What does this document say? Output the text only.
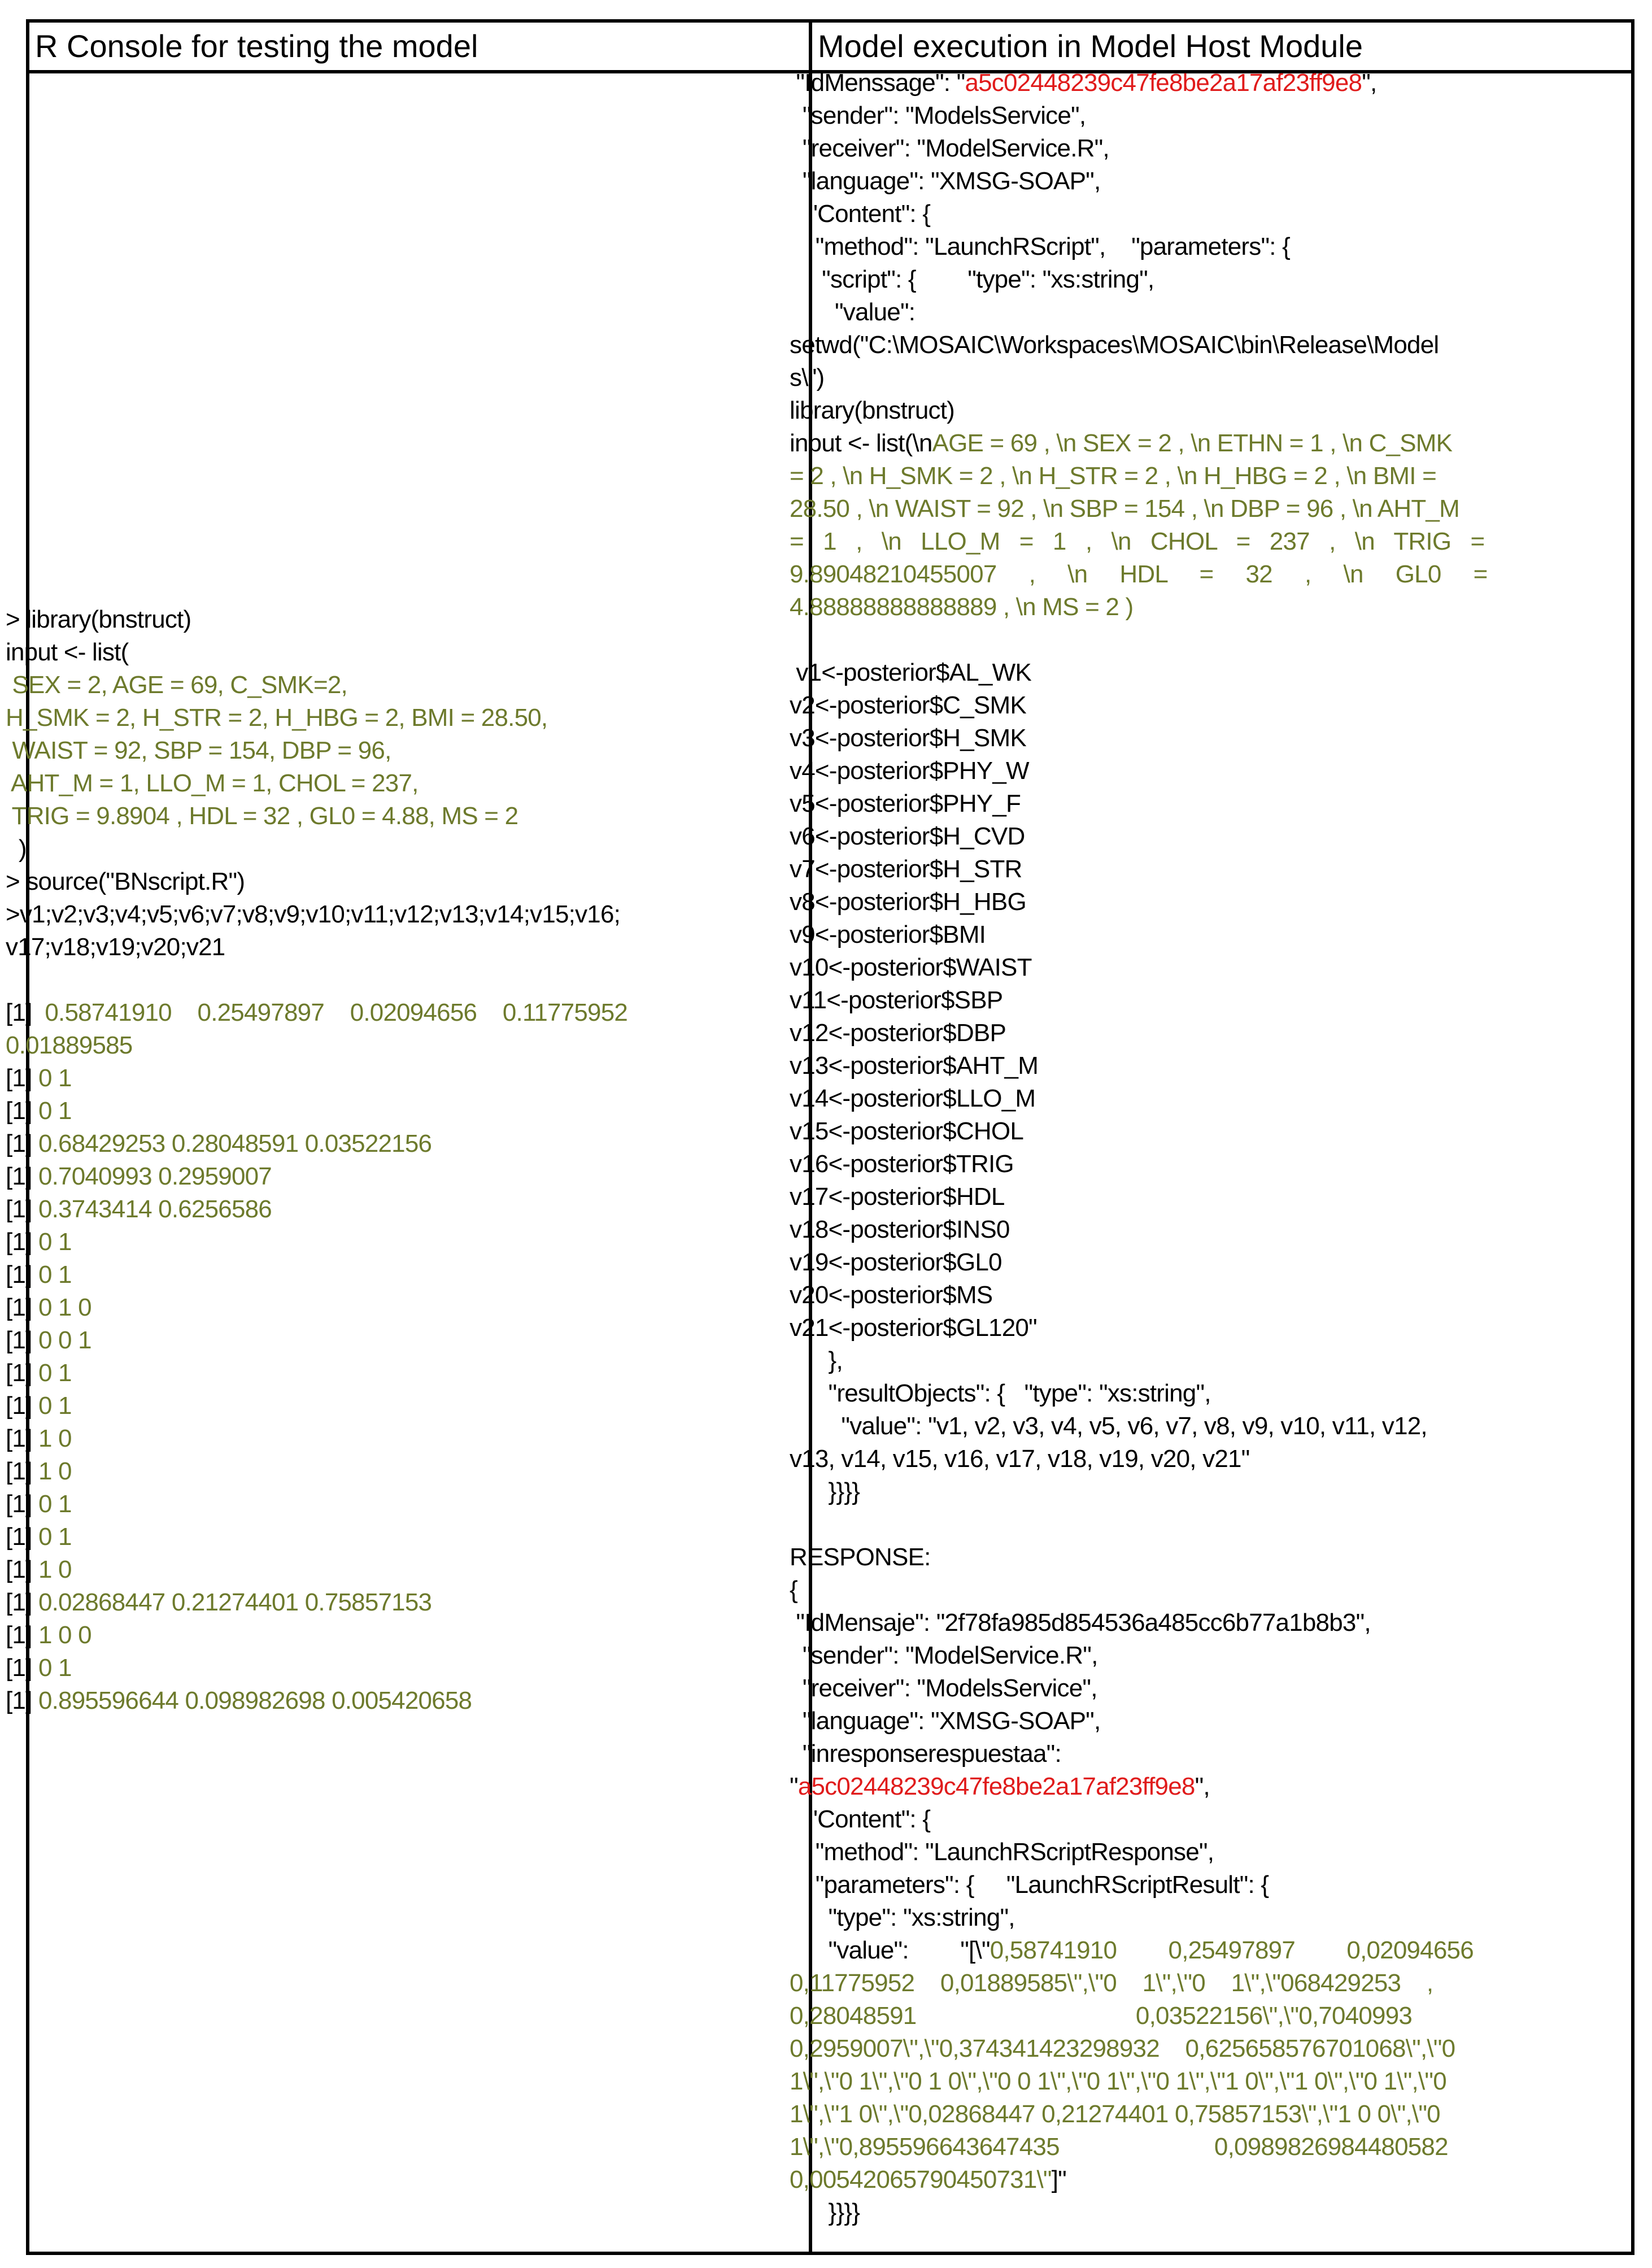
R Console for testing the model	Model execution in Model Host Module

> library(bnstruct)

input <- list(

SEX = 2, AGE = 69, C_SMK=2,

H_SMK = 2, H_STR = 2, H_HBG = 2, BMI = 28.50,

WAIST = 92, SBP = 154, DBP = 96,

AHT_M = 1, LLO_M = 1, CHOL = 237,

TRIG = 9.8904 , HDL = 32 , GL0 = 4.88, MS = 2

)

> source("BNscript.R")

>v1;v2;v3;v4;v5;v6;v7;v8;v9;v10;v11;v12;v13;v14;v15;v16;

v17;v18;v19;v20;v21

[1]  0.58741910    0.25497897    0.02094656    0.11775952

0.01889585

[1] 0 1

[1] 0 1

[1] 0.68429253 0.28048591 0.03522156

[1] 0.7040993 0.2959007

[1] 0.3743414 0.6256586

[1] 0 1

[1] 0 1

[1] 0 1 0

[1] 0 0 1

[1] 0 1

[1] 0 1

[1] 1 0

[1] 1 0

[1] 0 1

[1] 0 1

[1] 1 0

[1] 0.02868447 0.21274401 0.75857153

[1] 1 0 0

[1] 0 1

[1] 0.895596644 0.098982698 0.005420658

"IdMenssage": "a5c02448239c47fe8be2a17af23ff9e8",

"sender": "ModelsService",

"receiver": "ModelService.R",

"language": "XMSG-SOAP",

"Content": {

"method": "LaunchRScript",    "parameters": {

"script": {        "type": "xs:string",

"value":

setwd("C:\MOSAIC\Workspaces\MOSAIC\bin\Release\Model

s\")

library(bnstruct)

input <- list(\nAGE = 69 , \n SEX = 2 , \n ETHN = 1 , \n C_SMK

= 2 , \n H_SMK = 2 , \n H_STR = 2 , \n H_HBG = 2 , \n BMI =

28.50 , \n WAIST = 92 , \n SBP = 154 , \n DBP = 96 , \n AHT_M

=   1   ,   \n   LLO_M   =   1   ,   \n   CHOL   =   237   ,   \n   TRIG   =

9.89048210455007     ,     \n     HDL     =     32     ,     \n     GL0     =

4.88888888888889 , \n MS = 2 )

v1<-posterior$AL_WK

v2<-posterior$C_SMK

v3<-posterior$H_SMK

v4<-posterior$PHY_W

v5<-posterior$PHY_F

v6<-posterior$H_CVD

v7<-posterior$H_STR

v8<-posterior$H_HBG

v9<-posterior$BMI

v10<-posterior$WAIST

v11<-posterior$SBP

v12<-posterior$DBP

v13<-posterior$AHT_M

v14<-posterior$LLO_M

v15<-posterior$CHOL

v16<-posterior$TRIG

v17<-posterior$HDL

v18<-posterior$INS0

v19<-posterior$GL0

v20<-posterior$MS

v21<-posterior$GL120"

},

"resultObjects": {   "type": "xs:string",

"value": "v1, v2, v3, v4, v5, v6, v7, v8, v9, v10, v11, v12,

v13, v14, v15, v16, v17, v18, v19, v20, v21"

}}}}

RESPONSE:

{

"IdMensaje": "2f78fa985d854536a485cc6b77a1b8b3",

"sender": "ModelService.R",

"receiver": "ModelsService",

"language": "XMSG-SOAP",

"inresponserespuestaa":

"a5c02448239c47fe8be2a17af23ff9e8",

"Content": {

"method": "LaunchRScriptResponse",

"parameters": {     "LaunchRScriptResult": {

"type": "xs:string",

"value":        "[\"0,58741910        0,25497897        0,02094656

0,11775952    0,01889585\",\"0    1\",\"0    1\",\"068429253    ,

0,28048591                                  0,03522156\",\"0,7040993

0,2959007\",\"0,374341423298932    0,625658576701068\",\"0

1\",\"0 1\",\"0 1 0\",\"0 0 1\",\"0 1\",\"0 1\",\"1 0\",\"1 0\",\"0 1\",\"0

1\",\"1 0\",\"0,02868447 0,21274401 0,75857153\",\"1 0 0\",\"0

1\",\"0,895596643647435                        0,0989826984480582

0,00542065790450731\"]"

}}}}
